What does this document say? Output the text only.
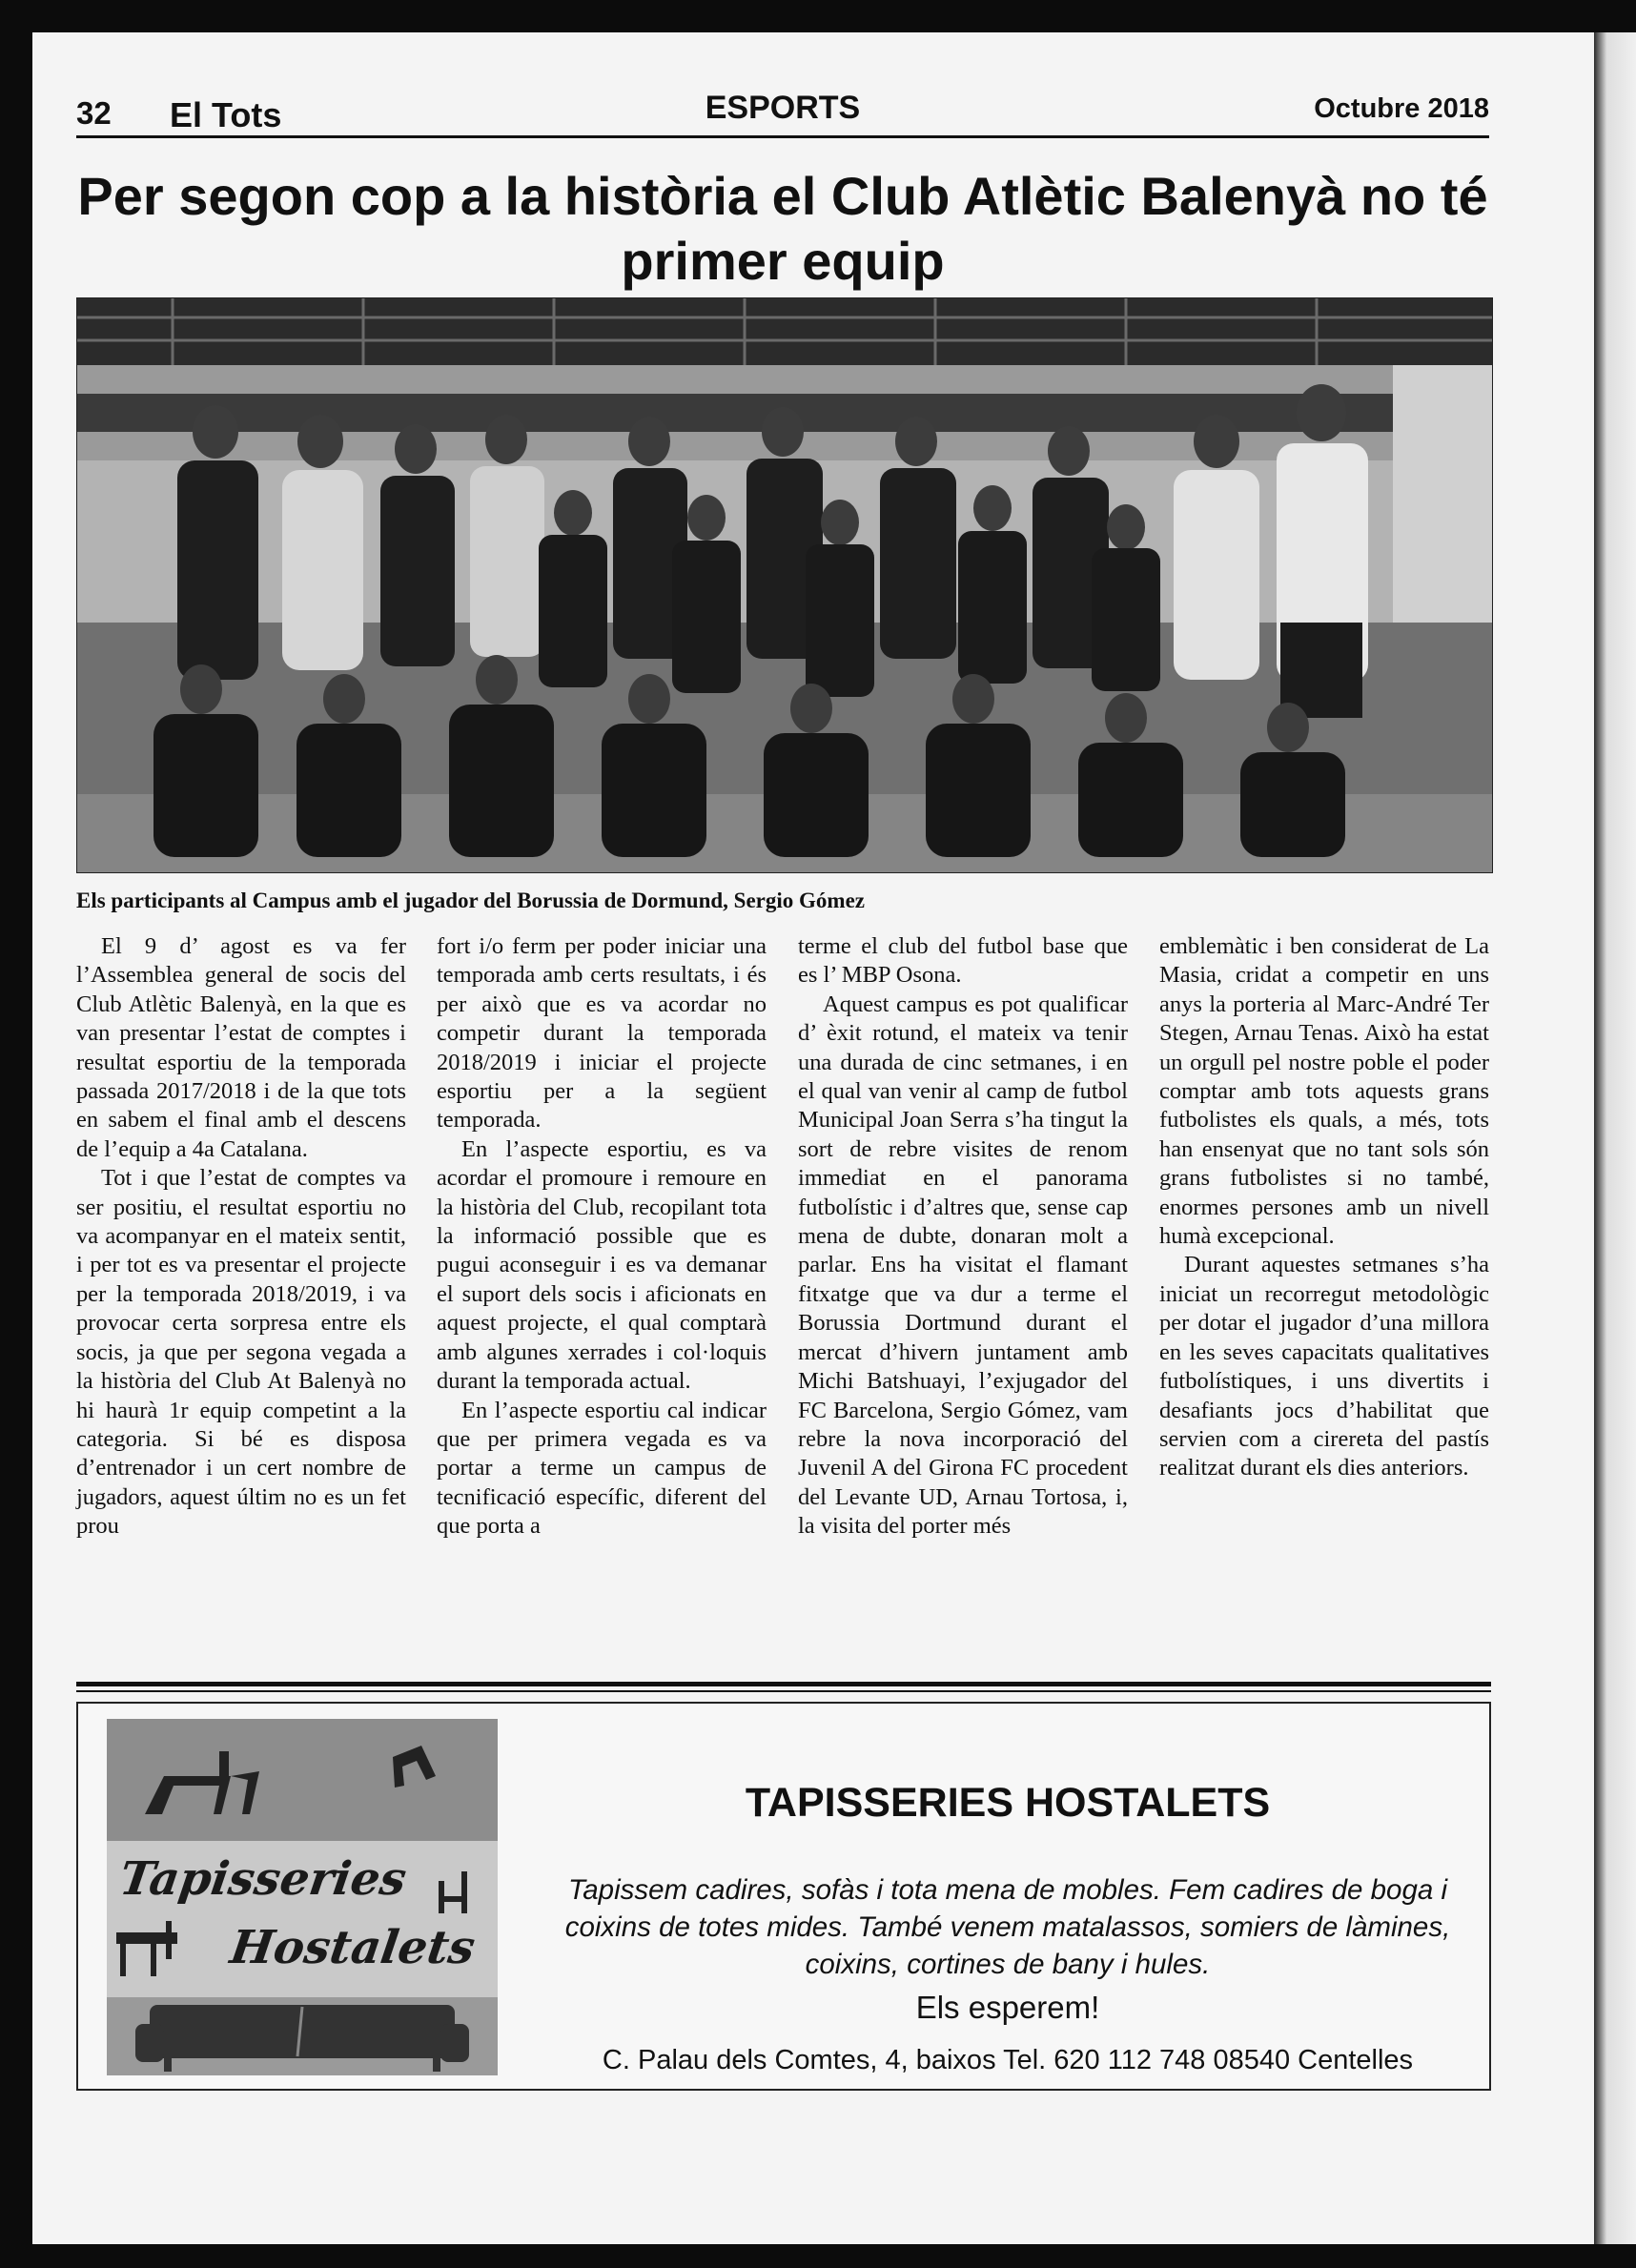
32 El Tots	ESPORTS	Octubre 2018
Per segon cop a la història el Club Atlètic Balenyà no té primer equip
Els participants al Campus amb el jugador del Borussia de Dormund, Sergio Gómez

El 9 d’ agost es va fer l’Assemblea general de socis del Club Atlètic Balenyà, en la que es van presentar l’estat de comptes i resultat esportiu de la temporada passada 2017/2018 i de la que tots en sabem el final amb el descens de l’equip a 4a Catalana.

Tot i que l’estat de comptes va ser positiu, el resultat esportiu no va acompanyar en el mateix sentit, i per tot es va presentar el projecte per la temporada 2018/2019, i va provocar certa sorpresa entre els socis, ja que per segona vegada a la història del Club At Balenyà no hi haurà 1r equip competint a la categoria. Si bé es disposa d’entrenador i un cert nombre de jugadors, aquest últim no es un fet prou

fort i/o ferm per poder iniciar una temporada amb certs resultats, i és per això que es va acordar no competir durant la temporada 2018/2019 i iniciar el projecte esportiu per a la següent temporada.

En l’aspecte esportiu, es va acordar el promoure i remoure en la història del Club, recopilant tota la informació possible que es pugui aconseguir i es va demanar el suport dels socis i aficionats en aquest projecte, el qual comptarà amb algunes xerrades i col·loquis durant la temporada actual.

En l’aspecte esportiu cal indicar que per primera vegada es va portar a terme un campus de tecnificació específic, diferent del que porta a

terme el club del futbol base que es l’ MBP Osona.

Aquest campus es pot qualificar d’ èxit rotund, el mateix va tenir una durada de cinc setmanes, i en el qual van venir al camp de futbol Municipal Joan Serra s’ha tingut la sort de rebre visites de renom immediat en el panorama futbolístic i d’altres que, sense cap mena de dubte, donaran molt a parlar. Ens ha visitat el flamant fitxatge que va dur a terme el Borussia Dortmund durant el mercat d’hivern juntament amb Michi Batshuayi, l’exjugador del FC Barcelona, Sergio Gómez, vam rebre la nova incorporació del Juvenil A del Girona FC procedent del Levante UD, Arnau Tortosa, i, la visita del porter més

emblemàtic i ben considerat de La Masia, cridat a competir en uns anys la porteria al Marc-André Ter Stegen, Arnau Tenas. Això ha estat un orgull pel nostre poble el poder comptar amb tots aquests grans futbolistes els quals, a més, tots han ensenyat que no tant sols són grans futbolistes si no també, enormes persones amb un nivell humà excepcional.

Durant aquestes setmanes s’ha iniciat un recorregut metodològic per dotar el jugador d’una millora en les seves capacitats qualitatives futbolístiques, i uns divertits i desafiants jocs d’habilitat que servien com a cirereta del pastís realitzat durant els dies anteriors.

Tapisseries
Hostalets
TAPISSERIES HOSTALETS
Tapissem cadires, sofàs i tota mena de mobles. Fem cadires de boga i coixins de totes mides. També venem matalassos, somiers de làmines, coixins, cortines de bany i hules.
Els esperem!
C. Palau dels Comtes, 4, baixos Tel. 620 112 748 08540 Centelles
